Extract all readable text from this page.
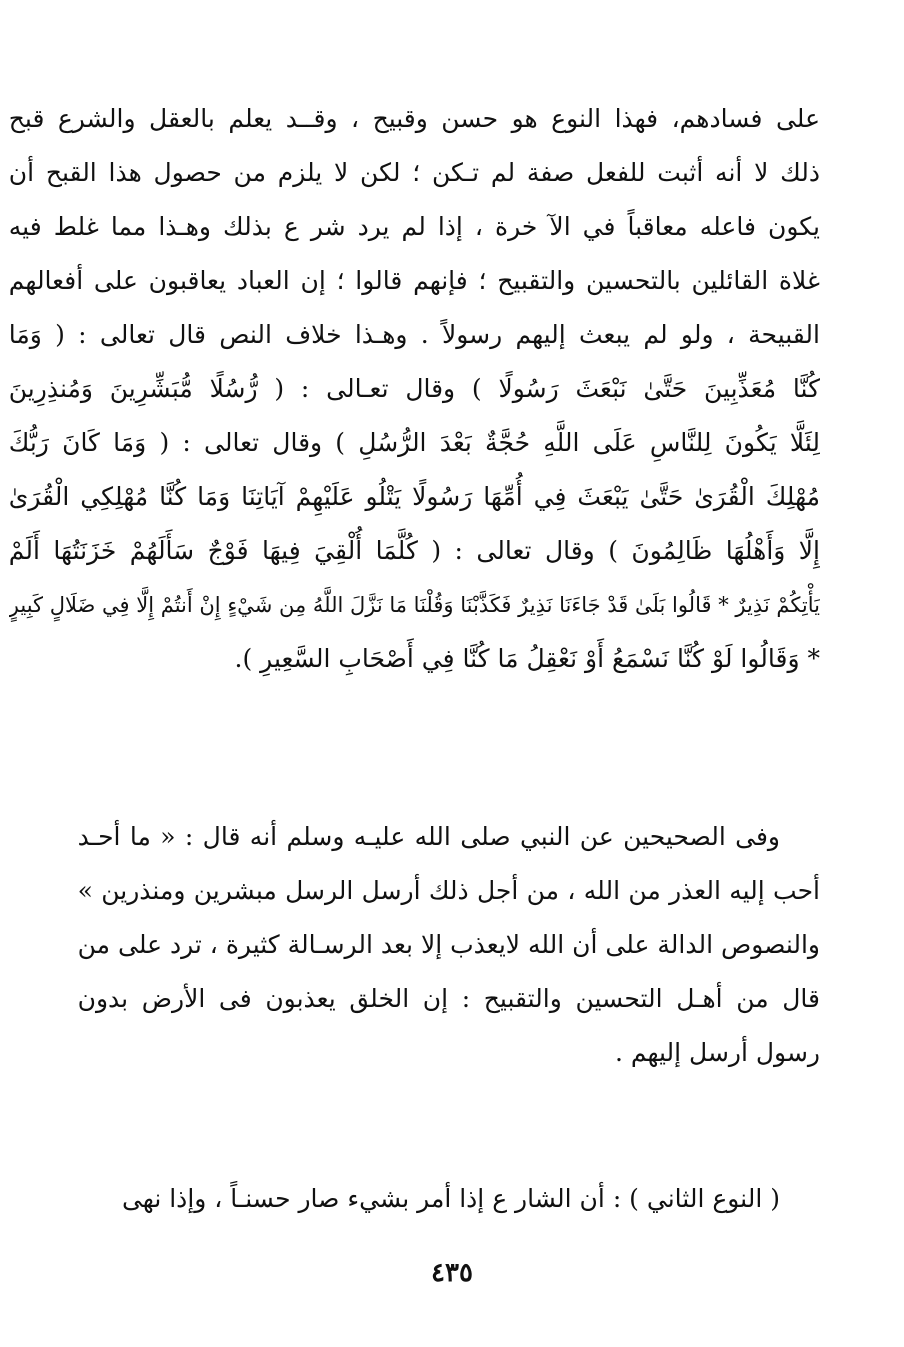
على فسادهم، فهذا النوع هو حسن وقبيح ، وقــد يعلم بالعقل والشرع قبح
ذلك لا أنه أثبت للفعل صفة لم تـكن ؛ لكن لا يلزم من حصول هذا القبح أن
يكون فاعله معاقباً في الآ خرة ، إذا لم يرد شر ع بذلك وهـذا مما غلط فيه
غلاة القائلين بالتحسين والتقبيح ؛ فإنهم قالوا ؛ إن العباد يعاقبون على أفعالهم
القبيحة ، ولو لم يبعث إليهم رسولاً . وهـذا خلاف النص قال تعالى : ( وَمَا
كُنَّا مُعَذِّبِينَ حَتَّىٰ نَبْعَثَ رَسُولًا ) وقال تعـالى : ( رُّسُلًا مُّبَشِّرِينَ وَمُنذِرِينَ
لِئَلَّا يَكُونَ لِلنَّاسِ عَلَى اللَّهِ حُجَّةٌ بَعْدَ الرُّسُلِ ) وقال تعالى : ( وَمَا كَانَ رَبُّكَ
مُهْلِكَ الْقُرَىٰ حَتَّىٰ يَبْعَثَ فِي أُمِّهَا رَسُولًا يَتْلُو عَلَيْهِمْ آيَاتِنَا وَمَا كُنَّا مُهْلِكِي الْقُرَىٰ
إِلَّا وَأَهْلُهَا ظَالِمُونَ ) وقال تعالى : ( كُلَّمَا أُلْقِيَ فِيهَا فَوْجٌ سَأَلَهُمْ خَزَنَتُهَا أَلَمْ
يَأْتِكُمْ نَذِيرٌ * قَالُوا بَلَىٰ قَدْ جَاءَنَا نَذِيرٌ فَكَذَّبْنَا وَقُلْنَا مَا نَزَّلَ اللَّهُ مِن شَيْءٍ إِنْ أَنتُمْ إِلَّا فِي ضَلَالٍ كَبِيرٍ
* وَقَالُوا لَوْ كُنَّا نَسْمَعُ أَوْ نَعْقِلُ مَا كُنَّا فِي أَصْحَابِ السَّعِيرِ ).
وفى الصحيحين عن النبي صلى الله عليـه وسلم أنه قال : « ما أحـد
أحب إليه العذر من الله ، من أجل ذلك أرسل الرسل مبشرين ومنذرين »
والنصوص الدالة على أن الله لايعذب إلا بعد الرسـالة كثيرة ، ترد على من
قال من أهـل التحسين والتقبيح : إن الخلق يعذبون فى الأرض بدون
رسول أرسل إليهم .
( النوع الثاني ) : أن الشار ع إذا أمر بشيء صار حسنـاً ، وإذا نهى
٤٣٥
